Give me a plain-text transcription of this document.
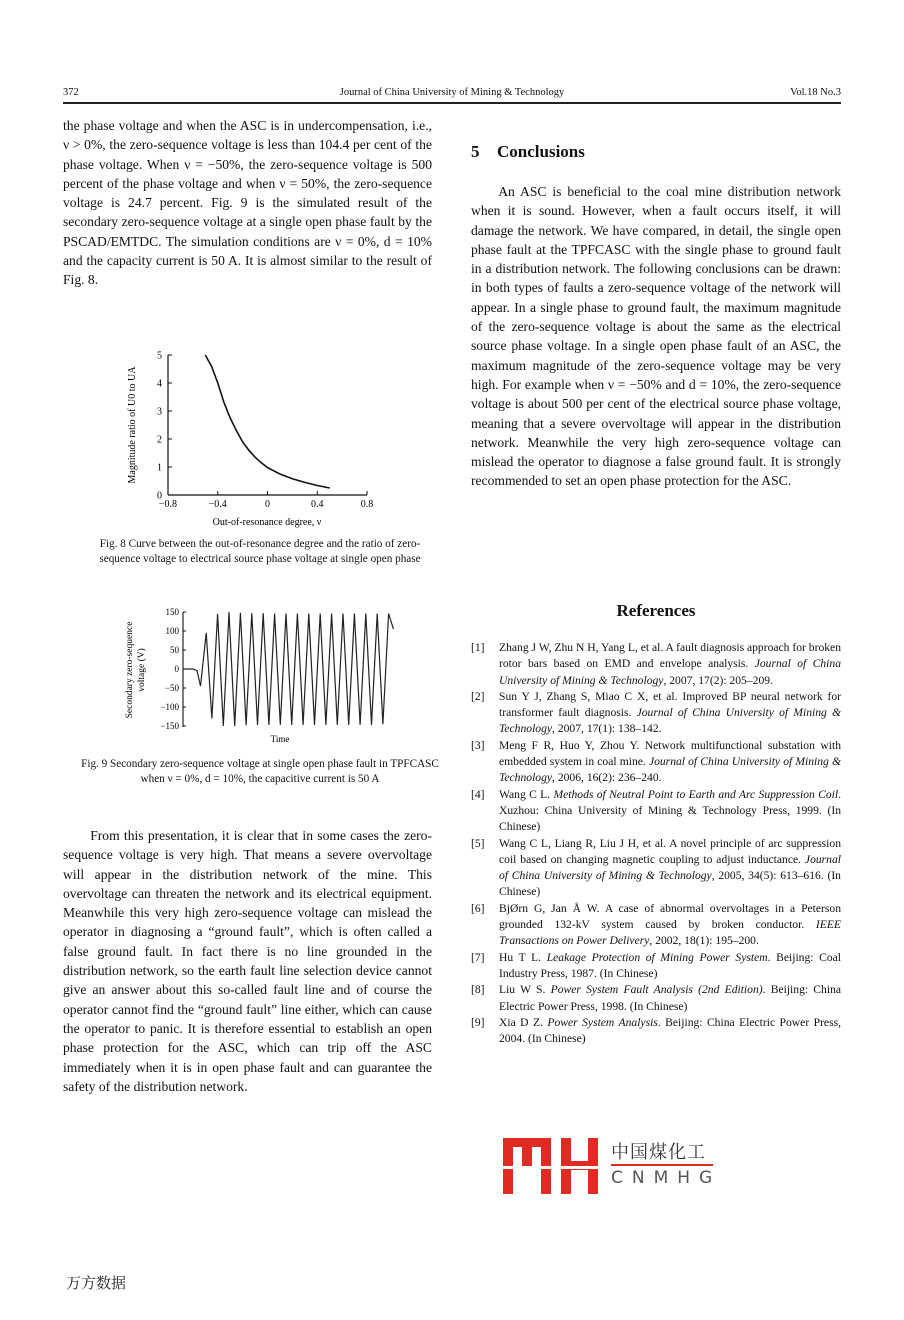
372	Journal of China University of Mining & Technology	Vol.18 No.3

the phase voltage and when the ASC is in undercompensation, i.e., ν > 0%, the zero-sequence voltage is less than 104.4 per cent of the phase voltage. When ν = −50%, the zero-sequence voltage is 500 percent of the phase voltage and when ν = 50%, the zero-sequence voltage is 24.7 percent. Fig. 9 is the simulated result of the secondary zero-sequence voltage at a single open phase fault by the PSCAD/EMTDC. The simulation conditions are ν = 0%, d = 10% and the capacity current is 50 A. It is almost similar to the result of Fig. 8.

0
1
2
3
4
5
−0.8	−0.4	0	0.4	0.8
Out-of-resonance degree, ν
Magnitude ratio of U0 to UA
Fig. 8 Curve between the out-of-resonance degree and the ratio of zero-sequence voltage to electrical source phase voltage at single open phase
150
100
50
0
−50
−100
−150
Time
Secondary zero-sequence voltage (V)
Fig. 9 Secondary zero-sequence voltage at single open phase fault in TPFCASC when ν = 0%, d = 10%, the capacitive current is 50 A

From this presentation, it is clear that in some cases the zero-sequence voltage is very high. That means a severe overvoltage will appear in the distribution network of the mine. This overvoltage can threaten the network and its electrical equipment. Meanwhile this very high zero-sequence voltage can mislead the operator in diagnosing a “ground fault”, which is often called a false ground fault. In fact there is no line grounded in the distribution network, so the earth fault line selection device cannot give an answer about this so-called fault line and of course the operator cannot find the “ground fault” line either, which can cause the operator to panic. It is therefore essential to establish an open phase protection for the ASC, which can trip off the ASC immediately when it is in open phase fault and can guarantee the safety of the distribution network.

5 Conclusions

An ASC is beneficial to the coal mine distribution network when it is sound. However, when a fault occurs itself, it will damage the network. We have compared, in detail, the single open phase fault at the TPFCASC with the single phase to ground fault in a distribution network. The following conclusions can be drawn: in both types of faults a zero-sequence voltage of the network will appear. In a single phase to ground fault, the maximum magnitude of the zero-sequence voltage is about the same as the electrical source phase voltage. In a single open phase fault of an ASC, the maximum magnitude of the zero-sequence voltage may be very high. For example when ν = −50% and d = 10%, the zero-sequence voltage is about 500 per cent of the electrical source phase voltage, meaning that a severe overvoltage will appear in the distribution network. Meanwhile the very high zero-sequence voltage can mislead the operator to diagnose a false ground fault. It is strongly recommended to set an open phase protection for the ASC.

References

[1] Zhang J W, Zhu N H, Yang L, et al. A fault diagnosis approach for broken rotor bars based on EMD and envelope analysis. Journal of China University of Mining & Technology, 2007, 17(2): 205–209.

[2] Sun Y J, Zhang S, Miao C X, et al. Improved BP neural network for transformer fault diagnosis. Journal of China University of Mining & Technology, 2007, 17(1): 138–142.

[3] Meng F R, Huo Y, Zhou Y. Network multifunctional substation with embedded system in coal mine. Journal of China University of Mining & Technology, 2006, 16(2): 236–240.

[4] Wang C L. Methods of Neutral Point to Earth and Arc Suppression Coil. Xuzhou: China University of Mining & Technology Press, 1999. (In Chinese)

[5] Wang C L, Liang R, Liu J H, et al. A novel principle of arc suppression coil based on changing magnetic coupling to adjust inductance. Journal of China University of Mining & Technology, 2005, 34(5): 613–616. (In Chinese)

[6] BjØrn G, Jan Å W. A case of abnormal overvoltages in a Peterson grounded 132-kV system caused by broken conductor. IEEE Transactions on Power Delivery, 2002, 18(1): 195–200.

[7] Hu T L. Leakage Protection of Mining Power System. Beijing: Coal Industry Press, 1987. (In Chinese)

[8] Liu W S. Power System Fault Analysis (2nd Edition). Beijing: China Electric Power Press, 1998. (In Chinese)

[9] Xia D Z. Power System Analysis. Beijing: China Electric Power Press, 2004. (In Chinese)

中国煤化工
CNMHG
万方数据
